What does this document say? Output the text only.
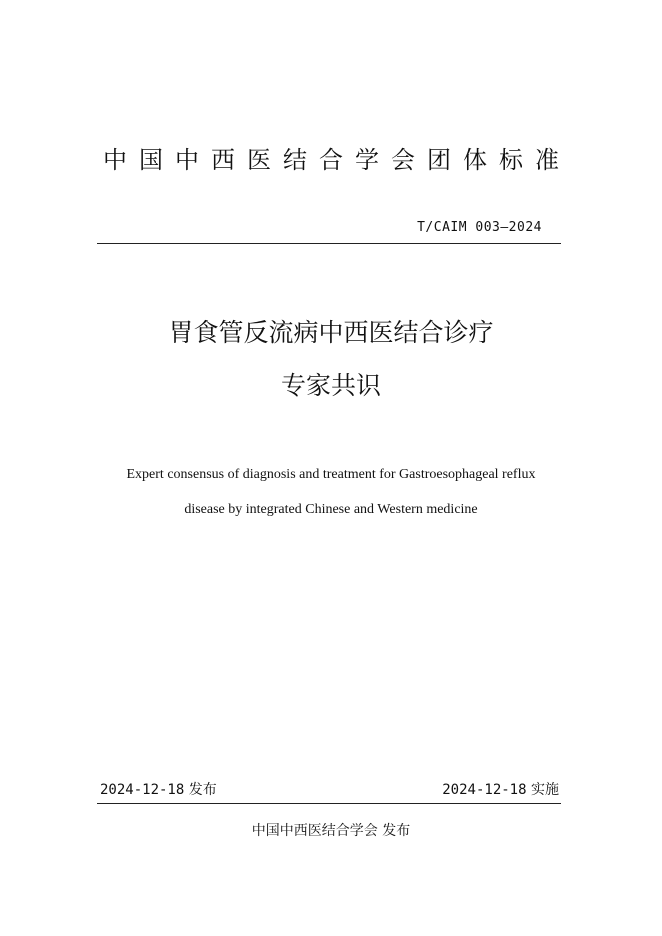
中国中西医结合学会团体标准
T/CAIM 003—2024
胃食管反流病中西医结合诊疗
专家共识
Expert consensus of diagnosis and treatment for Gastroesophageal reflux
disease by integrated Chinese and Western medicine
2024-12-18 发布	2024-12-18 实施
中国中西医结合学会 发布
